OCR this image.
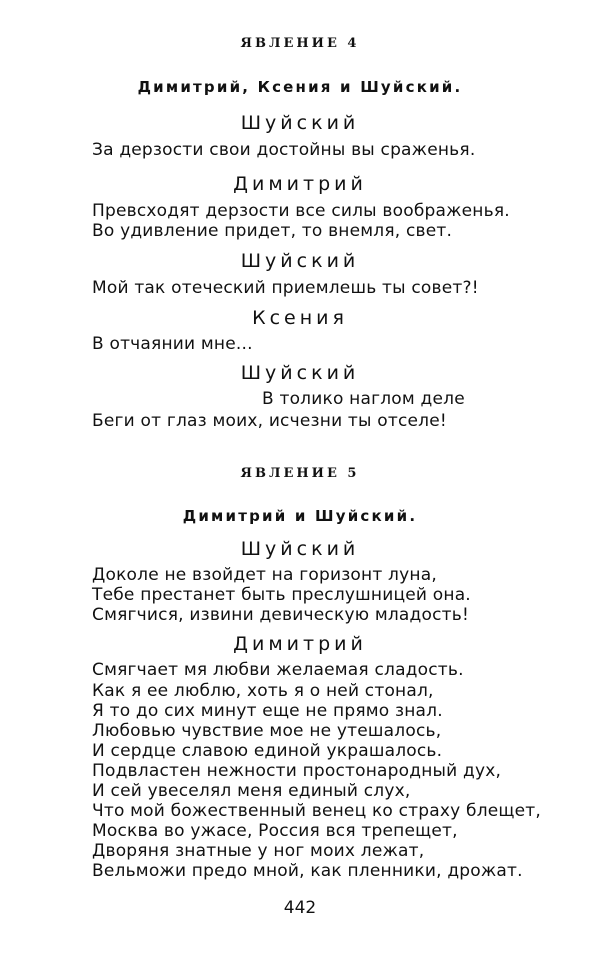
ЯВЛЕНИЕ 4
Димитрий, Ксения и Шуйский.
Шуйский
За дерзости свои достойны вы сраженья.
Димитрий
Превсходят дерзости все силы воображенья.
Во удивление придет, то внемля, свет.
Шуйский
Мой так отеческий приемлешь ты совет?!
Ксения
В отчаянии мне...
Шуйский
В толико наглом деле
Беги от глаз моих, исчезни ты отселе!
ЯВЛЕНИЕ 5
Димитрий и Шуйский.
Шуйский
Доколе не взойдет на горизонт луна,
Тебе престанет быть преслушницей она.
Смягчися, извини девическую младость!
Димитрий
Смягчает мя любви желаемая сладость.
Как я ее люблю, хоть я о ней стонал,
Я то до сих минут еще не прямо знал.
Любовью чувствие мое не утешалось,
И сердце славою единой украшалось.
Подвластен нежности простонародный дух,
И сей увеселял меня единый слух,
Что мой божественный венец ко страху блещет,
Москва во ужасе, Россия вся трепещет,
Дворяня знатные у ног моих лежат,
Вельможи предо мной, как пленники, дрожат.
442
